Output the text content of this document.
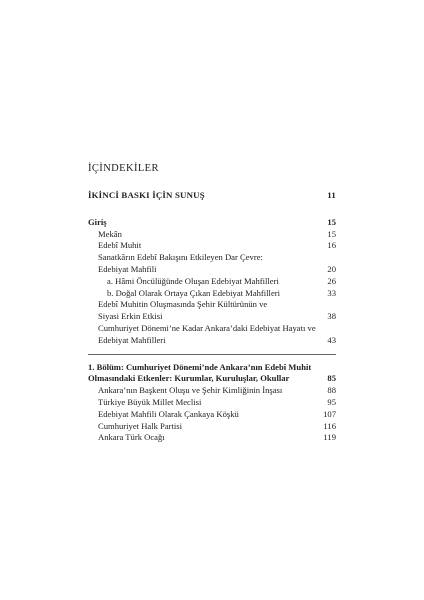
İÇİNDEKİLER
İKİNCİ BASKI İÇİN SUNUŞ	11
Giriş	15
Mekân	15
Edebî Muhit	16
Sanatkârın Edebî Bakışını Etkileyen Dar Çevre:
Edebiyat Mahfili	20
a. Hâmi Öncülüğünde Oluşan Edebiyat Mahfilleri	26
b. Doğal Olarak Ortaya Çıkan Edebiyat Mahfilleri	33
Edebî Muhitin Oluşmasında Şehir Kültürünün ve
Siyasi Erkin Etkisi	38
Cumhuriyet Dönemi’ne Kadar Ankara’daki Edebiyat Hayatı ve
Edebiyat Mahfilleri	43
1. Bölüm: Cumhuriyet Dönemi’nde Ankara’nın Edebî Muhit
Olmasındaki Etkenler: Kurumlar, Kuruluşlar, Okullar	85
Ankara’nın Başkent Oluşu ve Şehir Kimliğinin İnşası	88
Türkiye Büyük Millet Meclisi	95
Edebiyat Mahfili Olarak Çankaya Köşkü	107
Cumhuriyet Halk Partisi	116
Ankara Türk Ocağı	119
